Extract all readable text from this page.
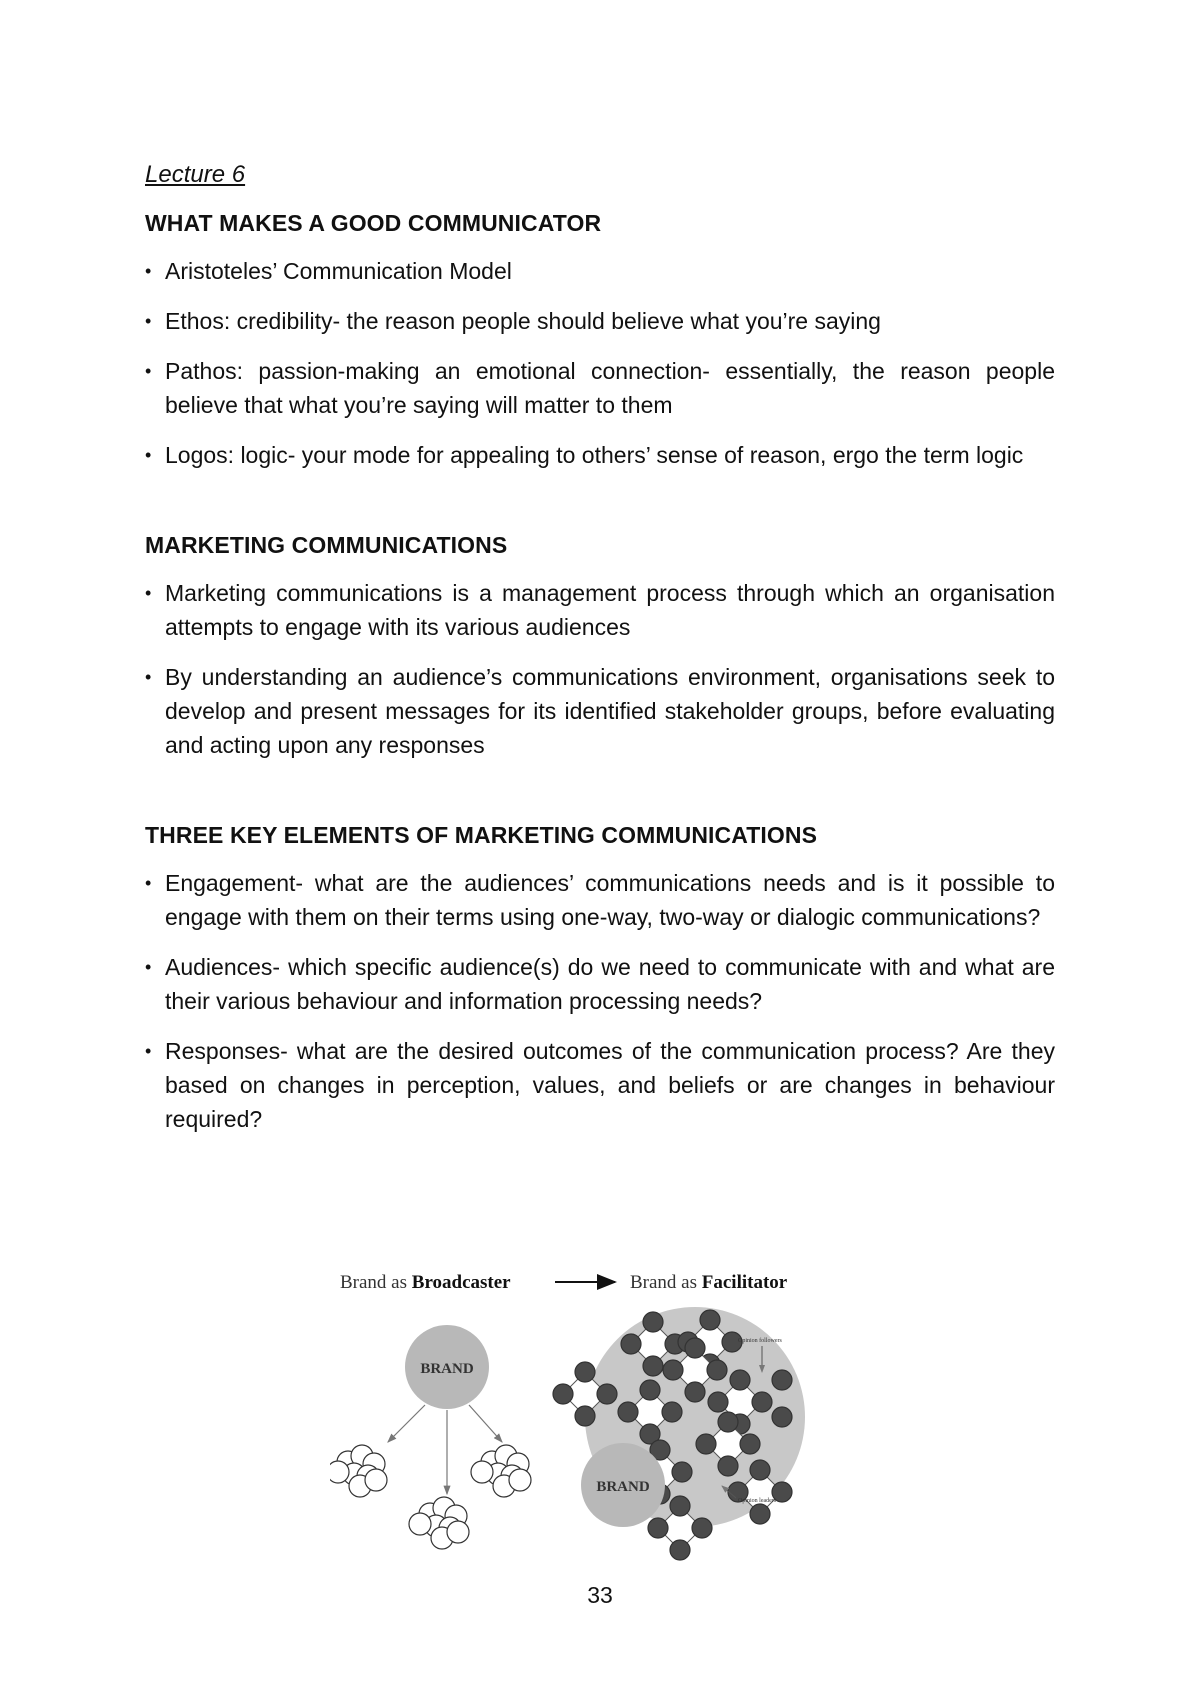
Lecture 6
WHAT MAKES A GOOD COMMUNICATOR
• Aristoteles’ Communication Model
• Ethos: credibility- the reason people should believe what you’re saying
• Pathos: passion-making an emotional connection- essentially, the reason people believe that what you’re saying will matter to them
• Logos: logic- your mode for appealing to others’ sense of reason, ergo the term logic
MARKETING COMMUNICATIONS
• Marketing communications is a management process through which an organisation attempts to engage with its various audiences
• By understanding an audience’s communications environment, organisations seek to develop and present messages for its identified stakeholder groups, before evaluating and acting upon any responses
THREE KEY ELEMENTS OF MARKETING COMMUNICATIONS
• Engagement- what are the audiences’ communications needs and is it possible to engage with them on their terms using one-way, two-way or dialogic communications?
• Audiences- which specific audience(s) do we need to communicate with and what are their various behaviour and information processing needs?
• Responses- what are the desired outcomes of the communication process? Are they based on changes in perception, values, and beliefs or are changes in behaviour required?
Brand as Broadcaster	Brand as Facilitator
BRAND
BRAND
Opinion followers
Opinion leaders
33
